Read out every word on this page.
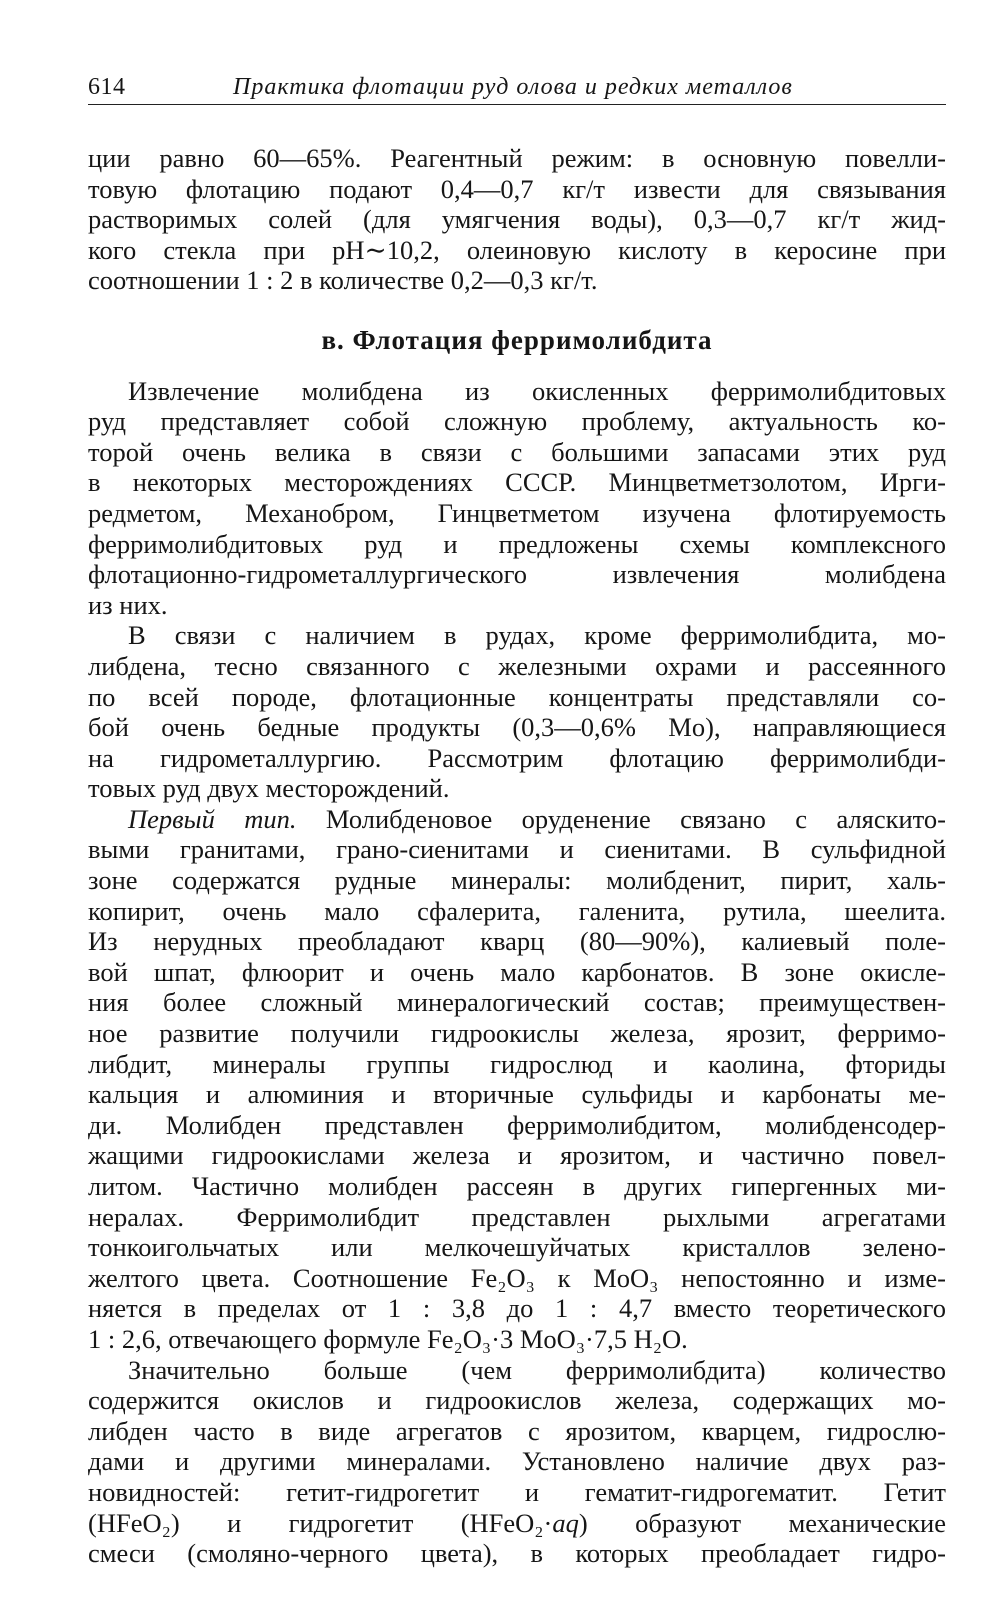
614	Практика флотации руд олова и редких металлов
ции равно 60—65%. Реагентный режим: в основную повелли-
товую флотацию подают 0,4—0,7 кг/т извести для связывания
растворимых солей (для умягчения воды), 0,3—0,7 кг/т жид-
кого стекла при pH∼10,2, олеиновую кислоту в керосине при
соотношении 1 : 2 в количестве 0,2—0,3 кг/т.
в. Флотация ферримолибдита
Извлечение молибдена из окисленных ферримолибдитовых
руд представляет собой сложную проблему, актуальность ко-
торой очень велика в связи с большими запасами этих руд
в некоторых месторождениях СССР. Минцветметзолотом, Ирги-
редметом, Механобром, Гинцветметом изучена флотируемость
ферримолибдитовых руд и предложены схемы комплексного
флотационно-гидрометаллургического извлечения молибдена
из них.
В связи с наличием в рудах, кроме ферримолибдита, мо-
либдена, тесно связанного с железными охрами и рассеянного
по всей породе, флотационные концентраты представляли со-
бой очень бедные продукты (0,3—0,6% Mo), направляющиеся
на гидрометаллургию. Рассмотрим флотацию ферримолибди-
товых руд двух месторождений.
Первый тип. Молибденовое оруденение связано с аляскито-
выми гранитами, грано-сиенитами и сиенитами. В сульфидной
зоне содержатся рудные минералы: молибденит, пирит, халь-
копирит, очень мало сфалерита, галенита, рутила, шеелита.
Из нерудных преобладают кварц (80—90%), калиевый поле-
вой шпат, флюорит и очень мало карбонатов. В зоне окисле-
ния более сложный минералогический состав; преимуществен-
ное развитие получили гидроокислы железа, ярозит, ферримо-
либдит, минералы группы гидрослюд и каолина, фториды
кальция и алюминия и вторичные сульфиды и карбонаты ме-
ди. Молибден представлен ферримолибдитом, молибденсодер-
жащими гидроокислами железа и ярозитом, и частично повел-
литом. Частично молибден рассеян в других гипергенных ми-
нералах. Ферримолибдит представлен рыхлыми агрегатами
тонкоигольчатых или мелкочешуйчатых кристаллов зелено-
желтого цвета. Соотношение Fe₂O₃ к MoO₃ непостоянно и изме-
няется в пределах от 1 : 3,8 до 1 : 4,7 вместо теоретического
1 : 2,6, отвечающего формуле Fe₂O₃·3 MoO₃·7,5 H₂O.
Значительно больше (чем ферримолибдита) количество
содержится окислов и гидроокислов железа, содержащих мо-
либден часто в виде агрегатов с ярозитом, кварцем, гидрослю-
дами и другими минералами. Установлено наличие двух раз-
новидностей: гетит-гидрогетит и гематит-гидрогематит. Гетит
(HFeO₂) и гидрогетит (HFeO₂·aq) образуют механические
смеси (смоляно-черного цвета), в которых преобладает гидро-
